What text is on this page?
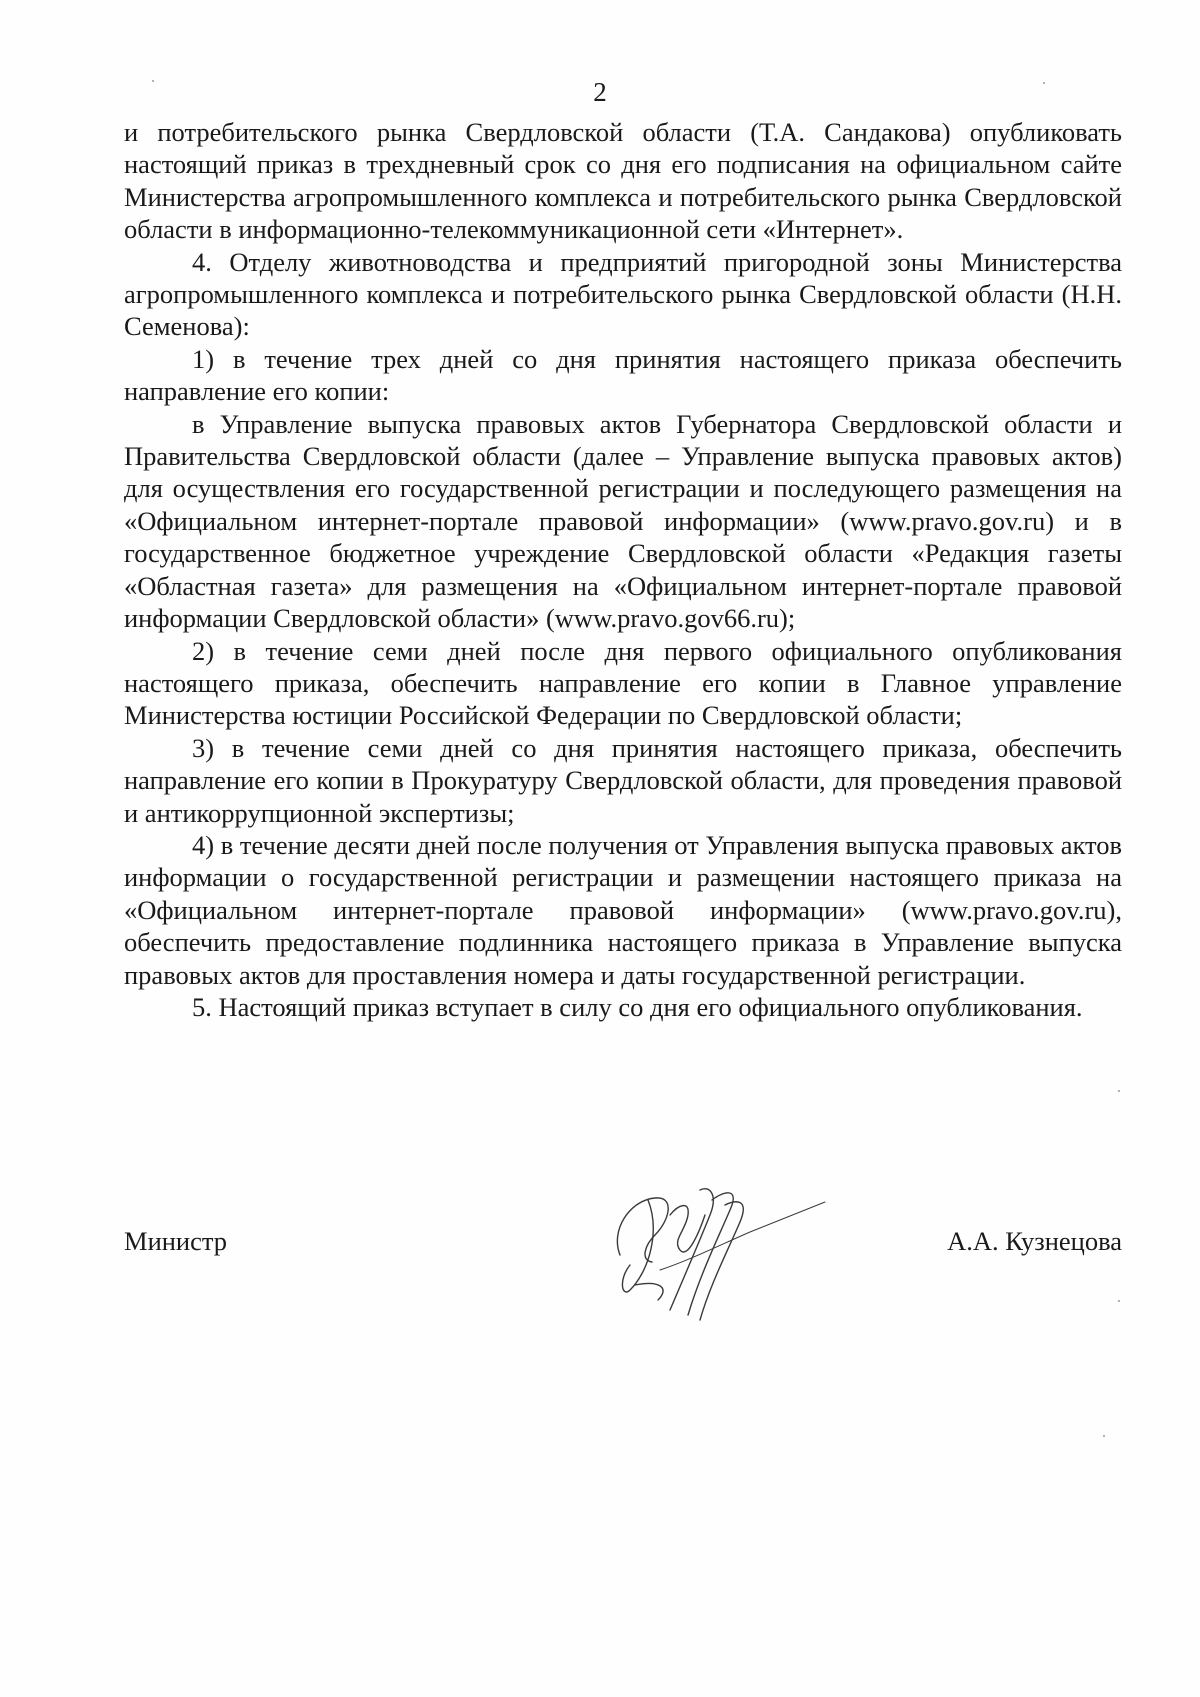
2

и потребительского рынка Свердловской области (Т.А. Сандакова) опубликовать настоящий приказ в трехдневный срок со дня его подписания на официальном сайте Министерства агропромышленного комплекса и потребительского рынка Свердловской области в информационно-телекоммуникационной сети «Интернет».

4. Отделу животноводства и предприятий пригородной зоны Министерства агропромышленного комплекса и потребительского рынка Свердловской области (Н.Н. Семенова):

1) в течение трех дней со дня принятия настоящего приказа обеспечить направление его копии:

в Управление выпуска правовых актов Губернатора Свердловской области и Правительства Свердловской области (далее – Управление выпуска правовых актов) для осуществления его государственной регистрации и последующего размещения на «Официальном интернет-портале правовой информации» (www.pravo.gov.ru) и в государственное бюджетное учреждение Свердловской области «Редакция газеты «Областная газета» для размещения на «Официальном интернет-портале правовой информации Свердловской области» (www.pravo.gov66.ru);

2) в течение семи дней после дня первого официального опубликования настоящего приказа, обеспечить направление его копии в Главное управление Министерства юстиции Российской Федерации по Свердловской области;

3) в течение семи дней со дня принятия настоящего приказа, обеспечить направление его копии в Прокуратуру Свердловской области, для проведения правовой и антикоррупционной экспертизы;

4) в течение десяти дней после получения от Управления выпуска правовых актов информации о государственной регистрации и размещении настоящего приказа на «Официальном интернет-портале правовой информации» (www.pravo.gov.ru), обеспечить предоставление подлинника настоящего приказа в Управление выпуска правовых актов для проставления номера и даты государственной регистрации.

5. Настоящий приказ вступает в силу со дня его официального опубликования.

Министр	А.А. Кузнецова
